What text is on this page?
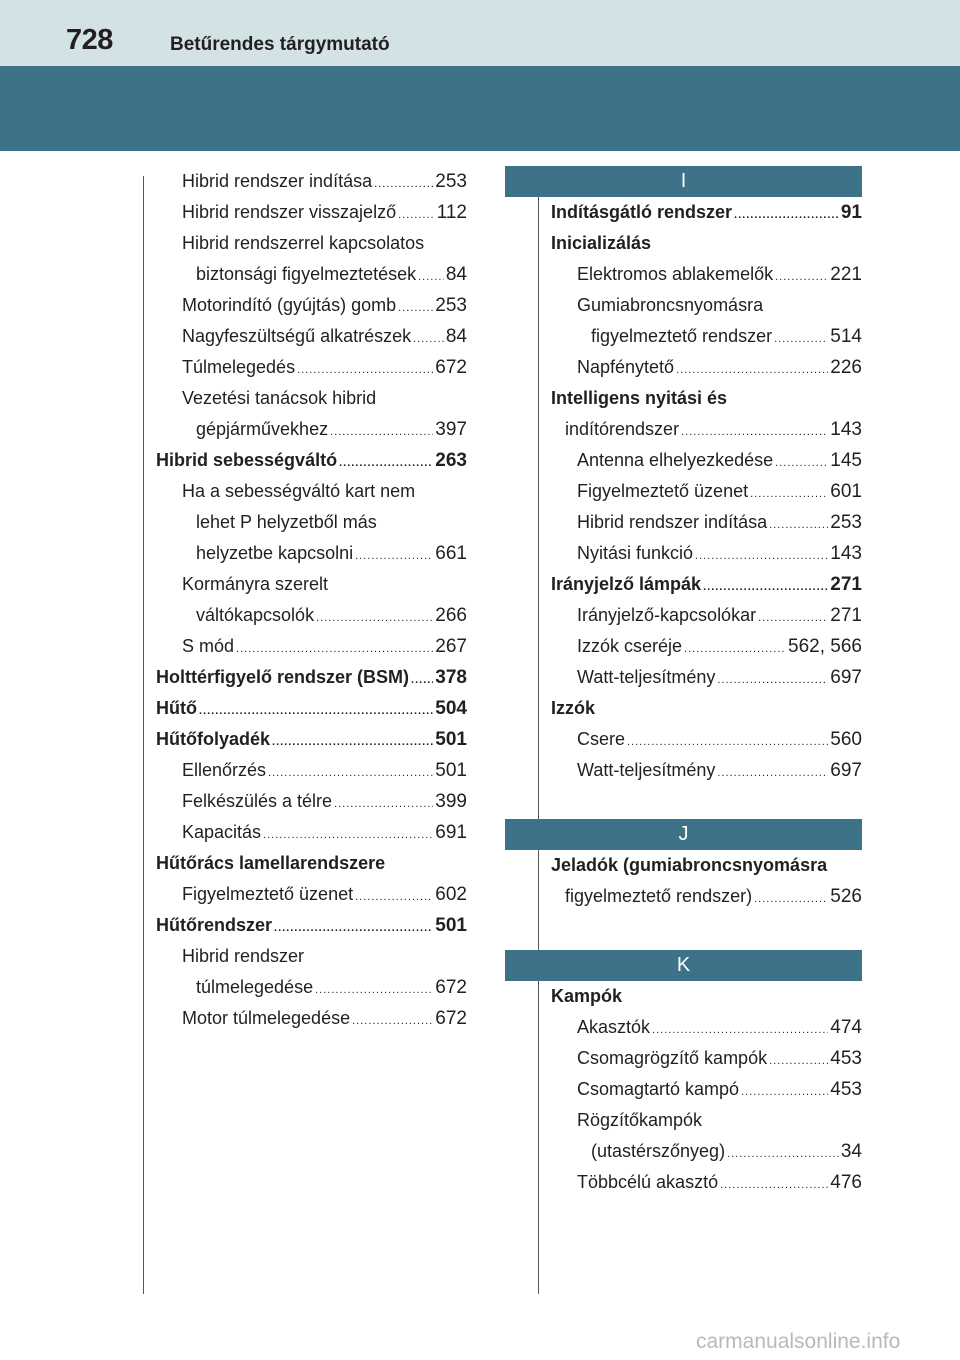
728	Betűrendes tárgymutató
Hibrid rendszer indítása .....	253
Hibrid rendszer visszajelző ..... 112
Hibrid rendszerrel kapcsolatos
biztonsági figyelmeztetések ..... 84
Motorindító (gyújtás) gomb ..... 253
Nagyfeszültségű alkatrészek ..... 84
Túlmelegedés .....	672
Vezetési tanácsok hibrid
gépjárművekhez .....	397
Hibrid sebességváltó .....	263
Ha a sebességváltó kart nem
lehet P helyzetből más
helyzetbe kapcsolni .....	661
Kormányra szerelt
váltókapcsolók .....	266
S mód .....	267
Holttérfigyelő rendszer (BSM) ..... 378
Hűtő .....	504
Hűtőfolyadék .....	501
Ellenőrzés .....	501
Felkészülés a télre .....	399
Kapacitás .....	691
Hűtőrács lamellarendszere
Figyelmeztető üzenet .....	602
Hűtőrendszer .....	501
Hibrid rendszer
túlmelegedése .....	672
Motor túlmelegedése .....	672
I
Indításgátló rendszer .....	91
Inicializálás
Elektromos ablakemelők .....	221
Gumiabroncsnyomásra
figyelmeztető rendszer .....	514
Napfénytető .....	226
Intelligens nyitási és
indítórendszer .....	143
Antenna elhelyezkedése .....	145
Figyelmeztető üzenet .....	601
Hibrid rendszer indítása .....	253
Nyitási funkció .....	143
Irányjelző lámpák .....	271
Irányjelző-kapcsolókar .....	271
Izzók cseréje .....	562, 566
Watt-teljesítmény .....	697
Izzók
Csere .....	560
Watt-teljesítmény .....	697
J
Jeladók (gumiabroncsnyomásra
figyelmeztető rendszer) .....	526
K
Kampók
Akasztók .....	474
Csomagrögzítő kampók .....	453
Csomagtartó kampó .....	453
Rögzítőkampók
(utastérszőnyeg) .....	34
Többcélú akasztó .....	476
carmanualsonline.info
